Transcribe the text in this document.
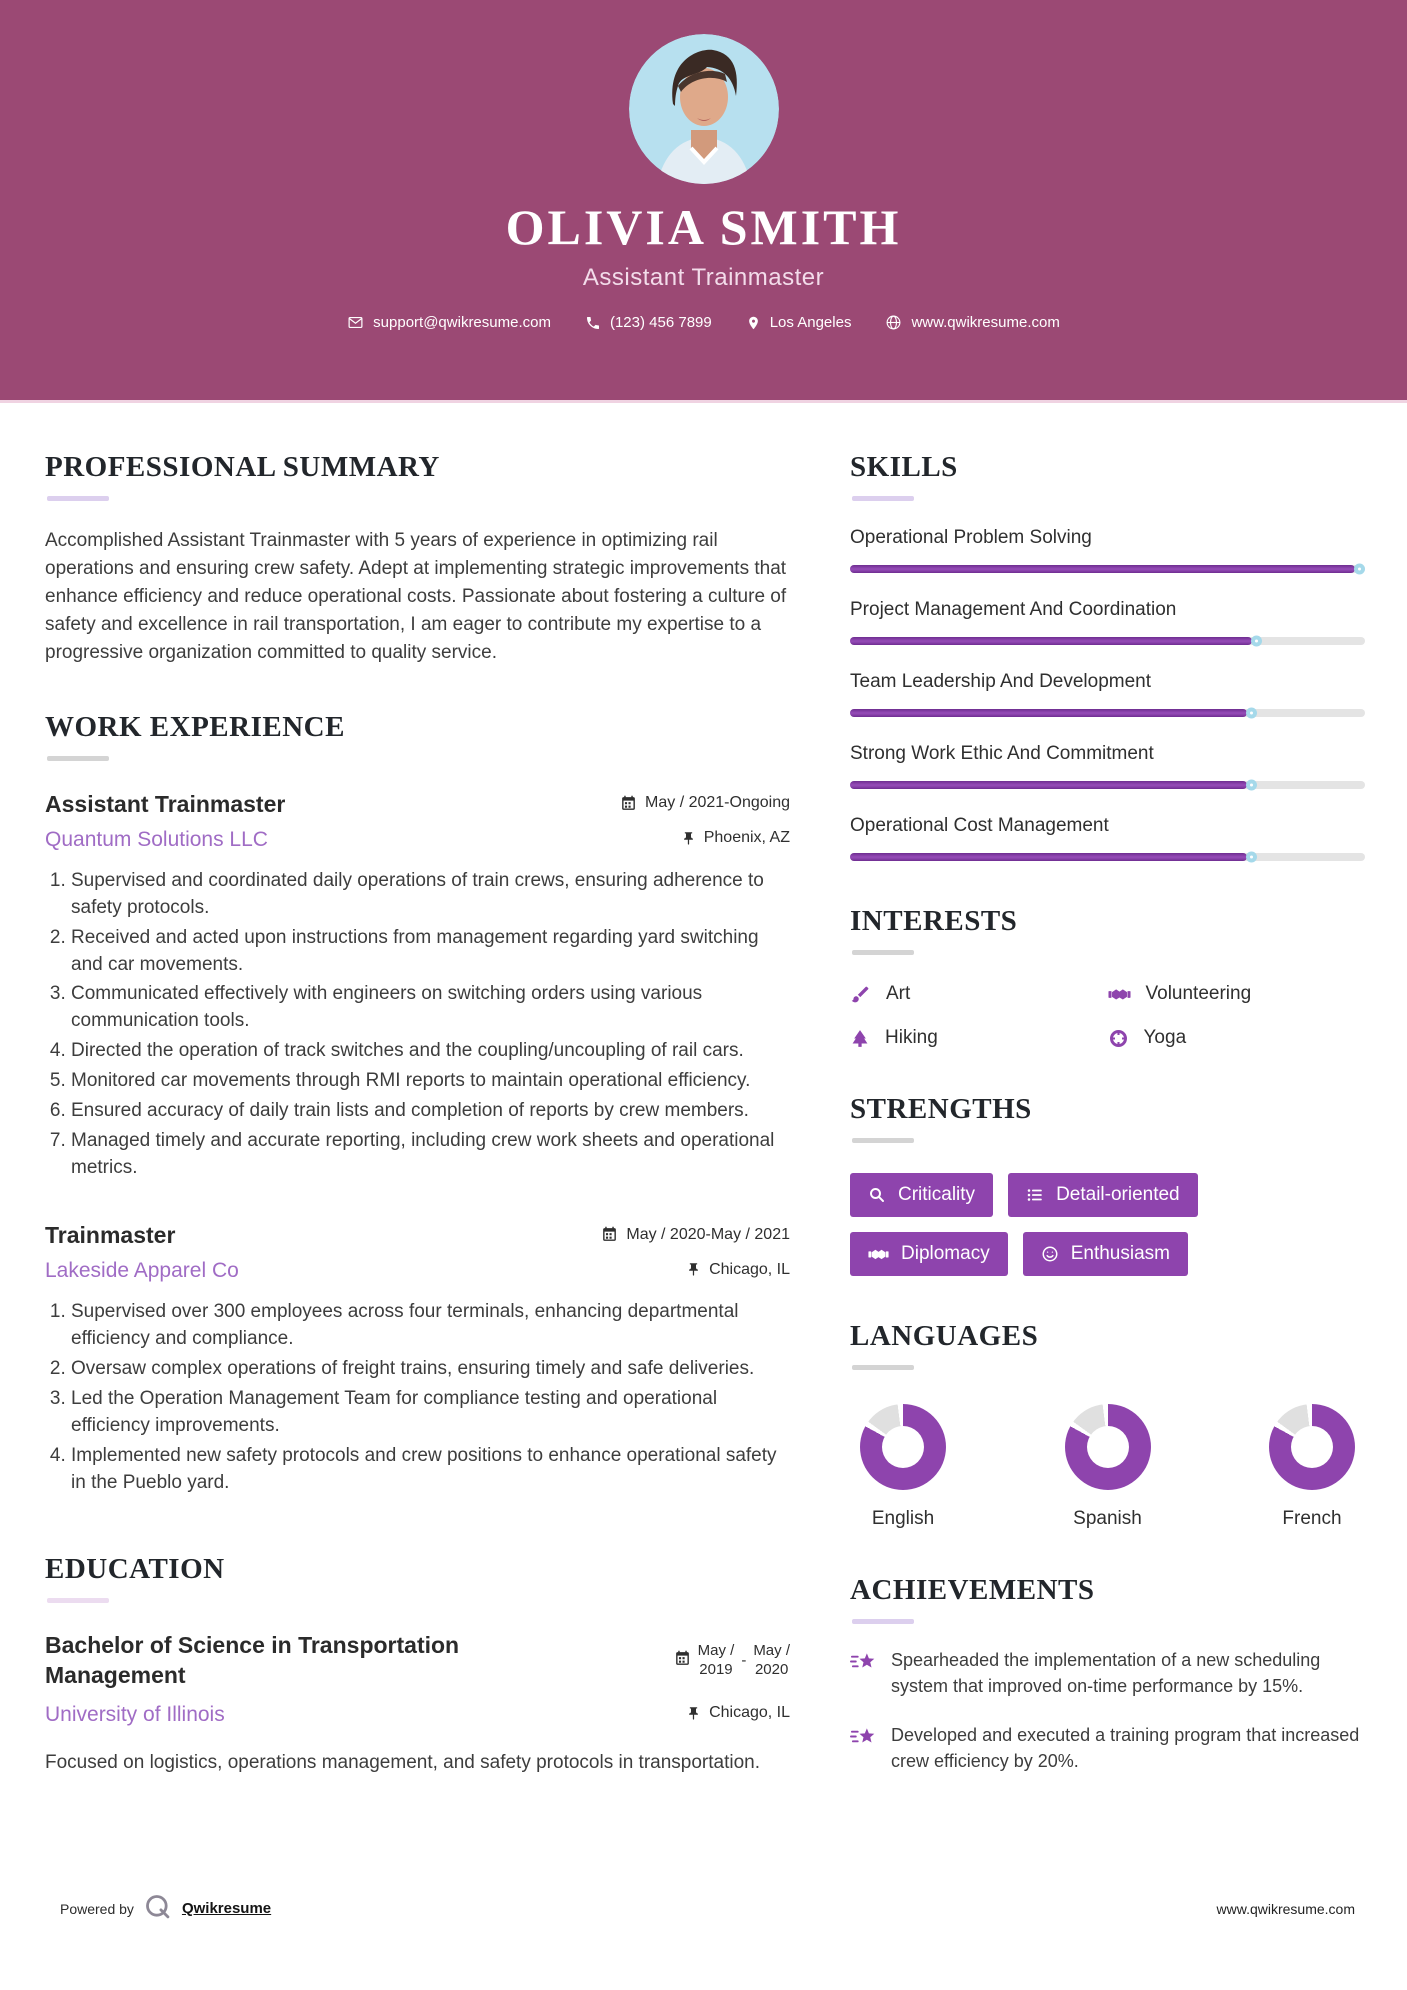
OLIVIA SMITH
Assistant Trainmaster
support@qwikresume.com	(123) 456 7899	Los Angeles	www.qwikresume.com
PROFESSIONAL SUMMARY

Accomplished Assistant Trainmaster with 5 years of experience in optimizing rail operations and ensuring crew safety. Adept at implementing strategic improvements that enhance efficiency and reduce operational costs. Passionate about fostering a culture of safety and excellence in rail transportation, I am eager to contribute my expertise to a progressive organization committed to quality service.

WORK EXPERIENCE
Assistant Trainmaster	May / 2021-Ongoing
Quantum Solutions LLC	Phoenix, AZ
1. Supervised and coordinated daily operations of train crews, ensuring adherence to safety protocols.
2. Received and acted upon instructions from management regarding yard switching and car movements.
3. Communicated effectively with engineers on switching orders using various communication tools.
4. Directed the operation of track switches and the coupling/uncoupling of rail cars.
5. Monitored car movements through RMI reports to maintain operational efficiency.
6. Ensured accuracy of daily train lists and completion of reports by crew members.
7. Managed timely and accurate reporting, including crew work sheets and operational metrics.
Trainmaster	May / 2020-May / 2021
Lakeside Apparel Co	Chicago, IL
1. Supervised over 300 employees across four terminals, enhancing departmental efficiency and compliance.
2. Oversaw complex operations of freight trains, ensuring timely and safe deliveries.
3. Led the Operation Management Team for compliance testing and operational efficiency improvements.
4. Implemented new safety protocols and crew positions to enhance operational safety in the Pueblo yard.
EDUCATION
Bachelor of Science in Transportation Management
May /
2019
-
May /
2020
University of Illinois	Chicago, IL

Focused on logistics, operations management, and safety protocols in transportation.

SKILLS
Operational Problem Solving
Project Management And Coordination
Team Leadership And Development
Strong Work Ethic And Commitment
Operational Cost Management
INTERESTS
Art	Volunteering
Hiking	Yoga
STRENGTHS
Criticality	Detail-oriented
Diplomacy	Enthusiasm
LANGUAGES
English	Spanish	French
ACHIEVEMENTS
Spearheaded the implementation of a new scheduling system that improved on-time performance by 15%.
Developed and executed a training program that increased crew efficiency by 20%.
Powered by	Qwikresume	www.qwikresume.com
